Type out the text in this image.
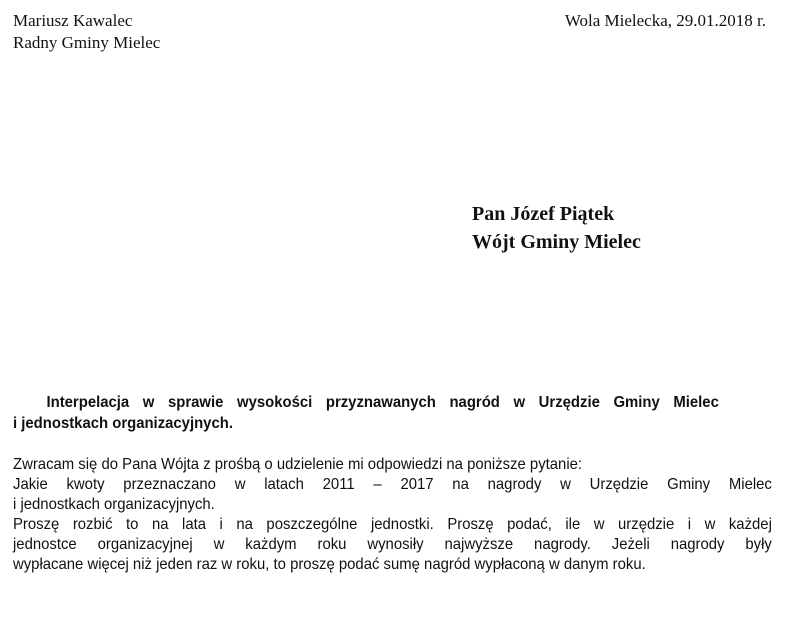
Mariusz Kawalec
Radny Gminy Mielec
Wola Mielecka, 29.01.2018 r.
Pan Józef Piątek
Wójt Gminy Mielec
Interpelacja w sprawie wysokości przyznawanych nagród w Urzędzie Gminy Mielec
i jednostkach organizacyjnych.

Zwracam się do Pana Wójta z prośbą o udzielenie mi odpowiedzi na poniższe pytanie:

Jakie kwoty przeznaczano w latach 2011 – 2017 na nagrody w Urzędzie Gminy Mielec

i jednostkach organizacyjnych.

Proszę rozbić to na lata i na poszczególne jednostki. Proszę podać, ile w urzędzie i w każdej

jednostce organizacyjnej w każdym roku wynosiły najwyższe nagrody. Jeżeli nagrody były

wypłacane więcej niż jeden raz w roku, to proszę podać sumę nagród wypłaconą w danym roku.
